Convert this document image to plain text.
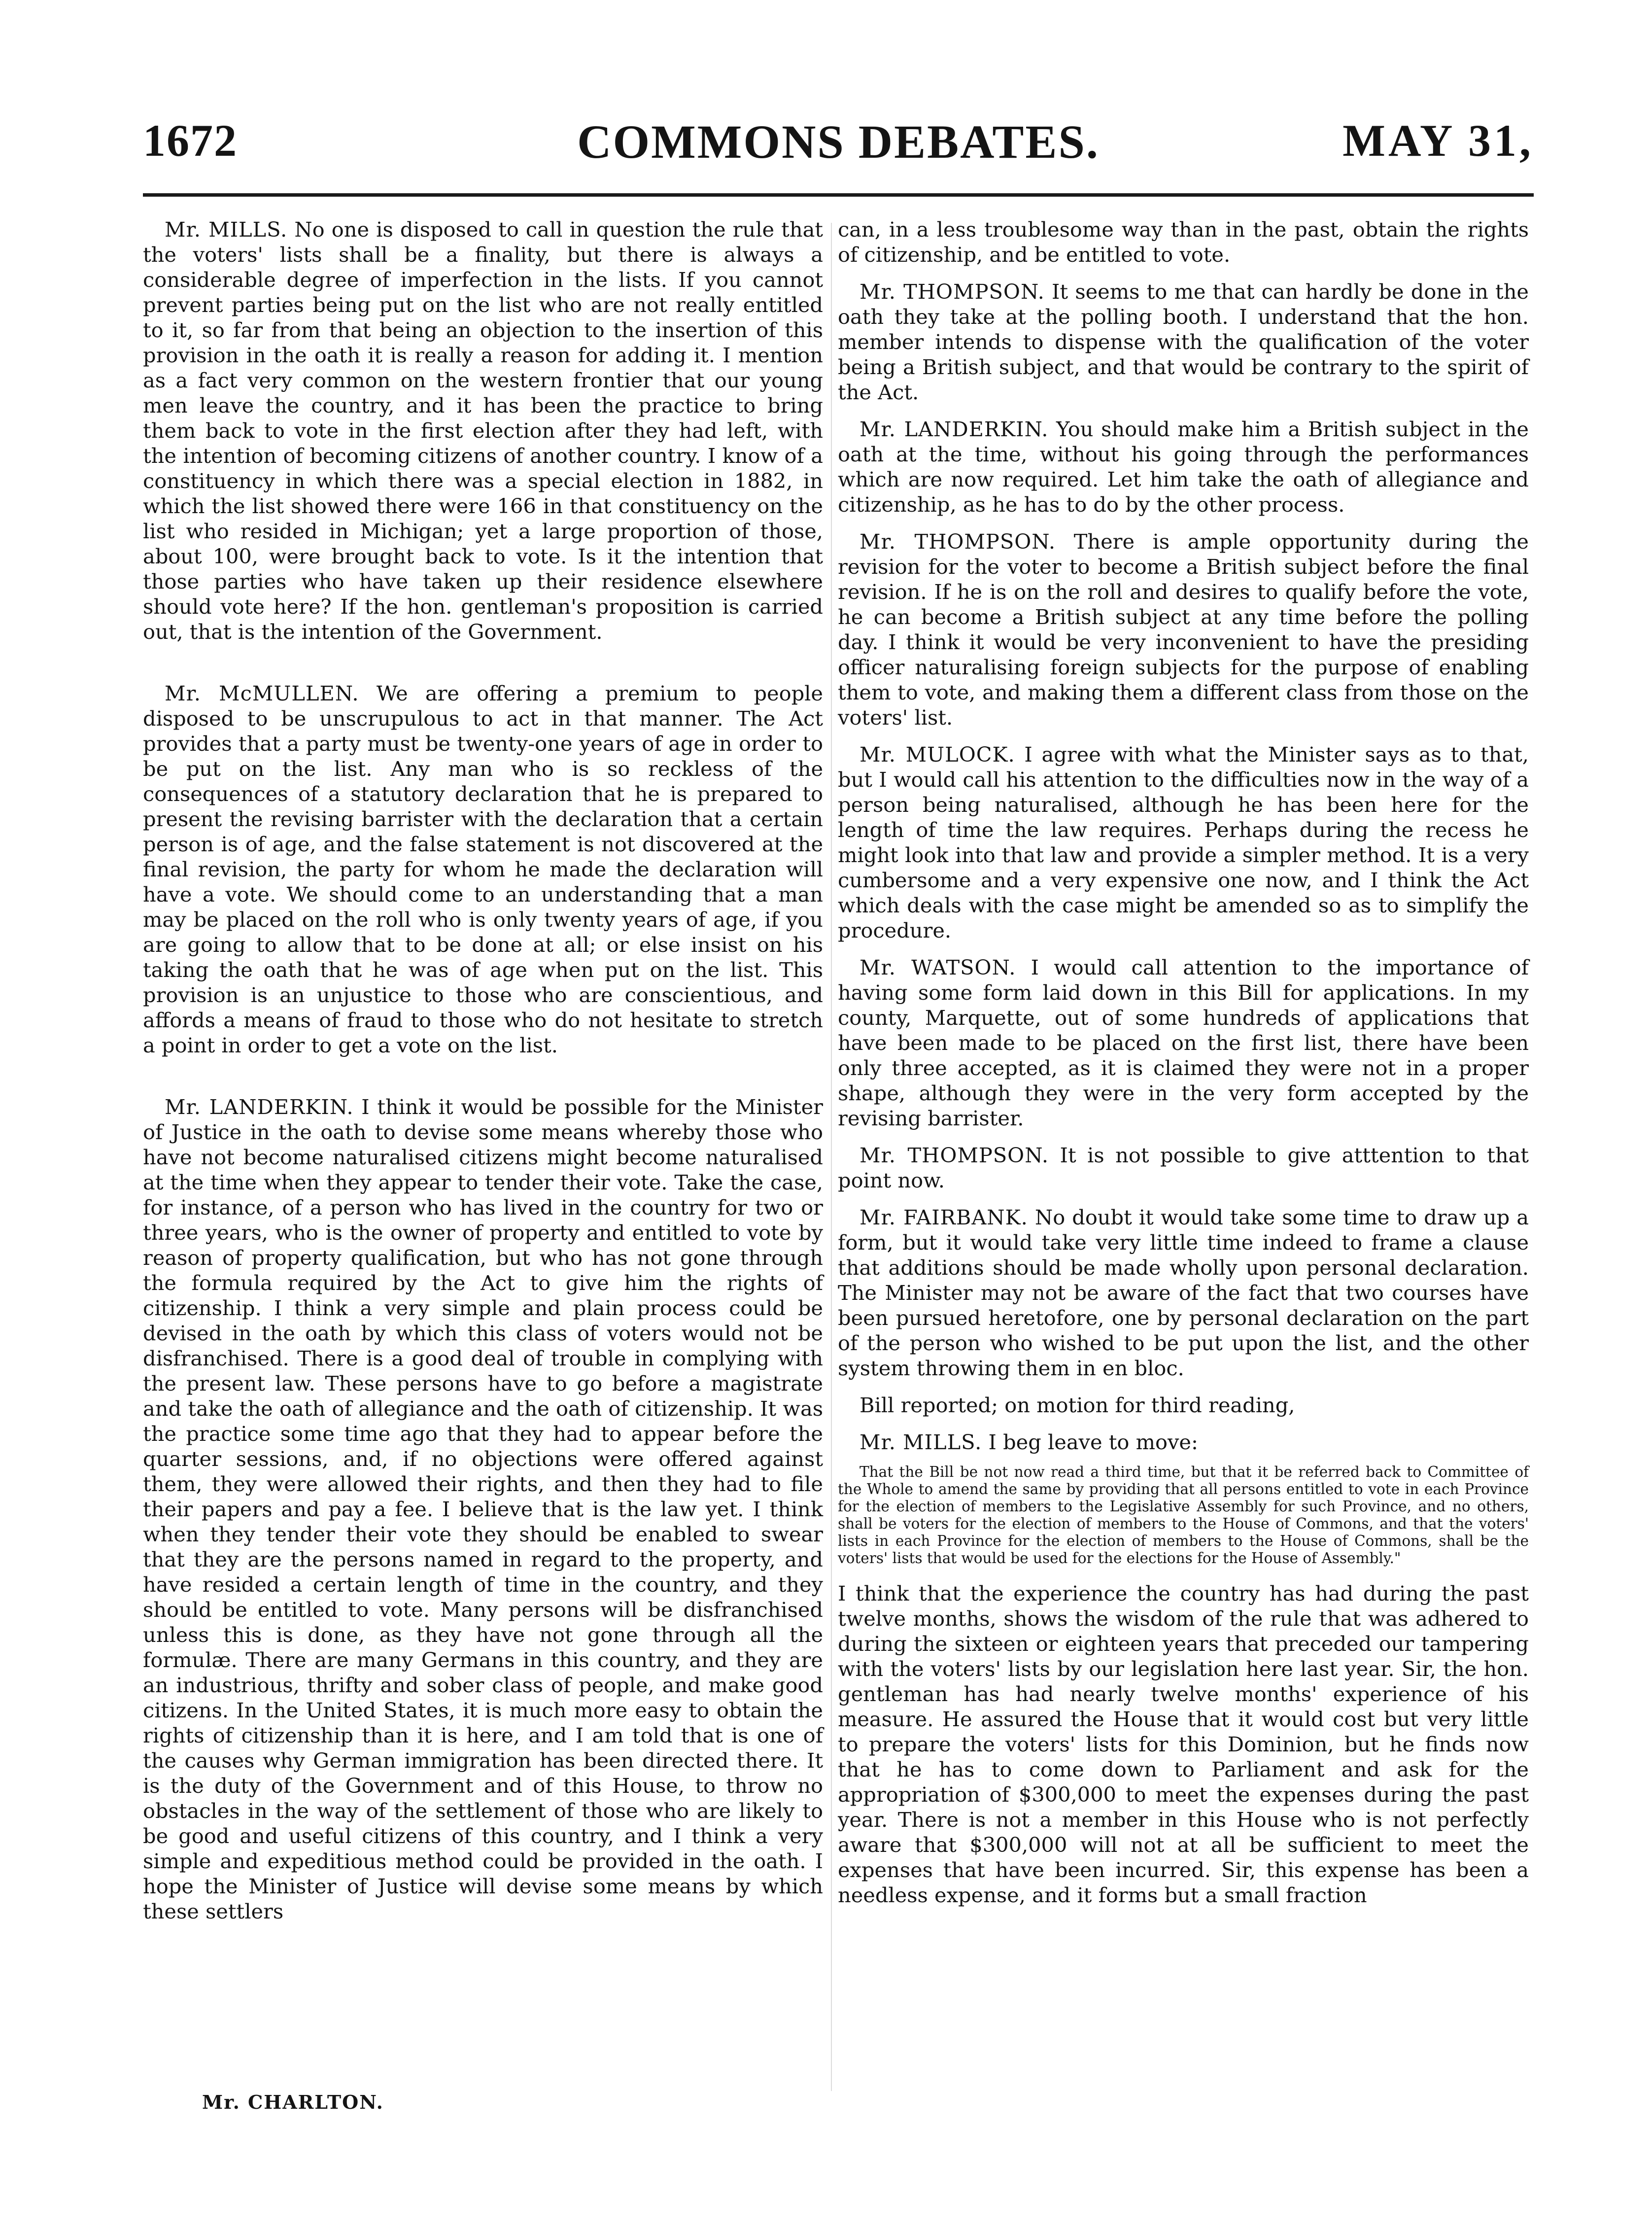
1672	COMMONS DEBATES.	MAY 31,

Mr. MILLS. No one is disposed to call in question the rule that the voters' lists shall be a finality, but there is always a considerable degree of imperfection in the lists. If you cannot prevent parties being put on the list who are not really entitled to it, so far from that being an objection to the insertion of this provision in the oath it is really a reason for adding it. I mention as a fact very common on the western frontier that our young men leave the country, and it has been the practice to bring them back to vote in the first election after they had left, with the intention of becoming citizens of another country. I know of a constituency in which there was a special election in 1882, in which the list showed there were 166 in that constituency on the list who resided in Michigan; yet a large proportion of those, about 100, were brought back to vote. Is it the intention that those parties who have taken up their residence elsewhere should vote here? If the hon. gentleman's proposition is carried out, that is the intention of the Government.

Mr. McMULLEN. We are offering a premium to people disposed to be unscrupulous to act in that manner. The Act provides that a party must be twenty-one years of age in order to be put on the list. Any man who is so reckless of the consequences of a statutory declaration that he is prepared to present the revising barrister with the declaration that a certain person is of age, and the false statement is not discovered at the final revision, the party for whom he made the declaration will have a vote. We should come to an understanding that a man may be placed on the roll who is only twenty years of age, if you are going to allow that to be done at all; or else insist on his taking the oath that he was of age when put on the list. This provision is an unjustice to those who are conscientious, and affords a means of fraud to those who do not hesitate to stretch a point in order to get a vote on the list.

Mr. LANDERKIN. I think it would be possible for the Minister of Justice in the oath to devise some means whereby those who have not become naturalised citizens might become naturalised at the time when they appear to tender their vote. Take the case, for instance, of a person who has lived in the country for two or three years, who is the owner of property and entitled to vote by reason of property qualification, but who has not gone through the formula required by the Act to give him the rights of citizenship. I think a very simple and plain process could be devised in the oath by which this class of voters would not be disfranchised. There is a good deal of trouble in complying with the present law. These persons have to go before a magistrate and take the oath of allegiance and the oath of citizenship. It was the practice some time ago that they had to appear before the quarter sessions, and, if no objections were offered against them, they were allowed their rights, and then they had to file their papers and pay a fee. I believe that is the law yet. I think when they tender their vote they should be enabled to swear that they are the persons named in regard to the property, and have resided a certain length of time in the country, and they should be entitled to vote. Many persons will be disfranchised unless this is done, as they have not gone through all the formulæ. There are many Germans in this country, and they are an industrious, thrifty and sober class of people, and make good citizens. In the United States, it is much more easy to obtain the rights of citizenship than it is here, and I am told that is one of the causes why German immigration has been directed there. It is the duty of the Government and of this House, to throw no obstacles in the way of the settlement of those who are likely to be good and useful citizens of this country, and I think a very simple and expeditious method could be provided in the oath. I hope the Minister of Justice will devise some means by which these settlers

can, in a less troublesome way than in the past, obtain the rights of citizenship, and be entitled to vote.

Mr. THOMPSON. It seems to me that can hardly be done in the oath they take at the polling booth. I understand that the hon. member intends to dispense with the qualification of the voter being a British subject, and that would be contrary to the spirit of the Act.

Mr. LANDERKIN. You should make him a British subject in the oath at the time, without his going through the performances which are now required. Let him take the oath of allegiance and citizenship, as he has to do by the other process.

Mr. THOMPSON. There is ample opportunity during the revision for the voter to become a British subject before the final revision. If he is on the roll and desires to qualify before the vote, he can become a British subject at any time before the polling day. I think it would be very inconvenient to have the presiding officer naturalising foreign subjects for the purpose of enabling them to vote, and making them a different class from those on the voters' list.

Mr. MULOCK. I agree with what the Minister says as to that, but I would call his attention to the difficulties now in the way of a person being naturalised, although he has been here for the length of time the law requires. Perhaps during the recess he might look into that law and provide a simpler method. It is a very cumbersome and a very expensive one now, and I think the Act which deals with the case might be amended so as to simplify the procedure.

Mr. WATSON. I would call attention to the importance of having some form laid down in this Bill for applications. In my county, Marquette, out of some hundreds of applications that have been made to be placed on the first list, there have been only three accepted, as it is claimed they were not in a proper shape, although they were in the very form accepted by the revising barrister.

Mr. THOMPSON. It is not possible to give atttention to that point now.

Mr. FAIRBANK. No doubt it would take some time to draw up a form, but it would take very little time indeed to frame a clause that additions should be made wholly upon personal declaration. The Minister may not be aware of the fact that two courses have been pursued heretofore, one by personal declaration on the part of the person who wished to be put upon the list, and the other system throwing them in en bloc.

Bill reported; on motion for third reading,

Mr. MILLS. I beg leave to move:

That the Bill be not now read a third time, but that it be referred back to Committee of the Whole to amend the same by providing that all persons entitled to vote in each Province for the election of members to the Legislative Assembly for such Province, and no others, shall be voters for the election of members to the House of Commons, and that the voters' lists in each Province for the election of members to the House of Commons, shall be the voters' lists that would be used for the elections for the House of Assembly."

I think that the experience the country has had during the past twelve months, shows the wisdom of the rule that was adhered to during the sixteen or eighteen years that preceded our tampering with the voters' lists by our legislation here last year. Sir, the hon. gentleman has had nearly twelve months' experience of his measure. He assured the House that it would cost but very little to prepare the voters' lists for this Dominion, but he finds now that he has to come down to Parliament and ask for the appropriation of $300,000 to meet the expenses during the past year. There is not a member in this House who is not perfectly aware that $300,000 will not at all be sufficient to meet the expenses that have been incurred. Sir, this expense has been a needless expense, and it forms but a small fraction

Mr. CHARLTON.
